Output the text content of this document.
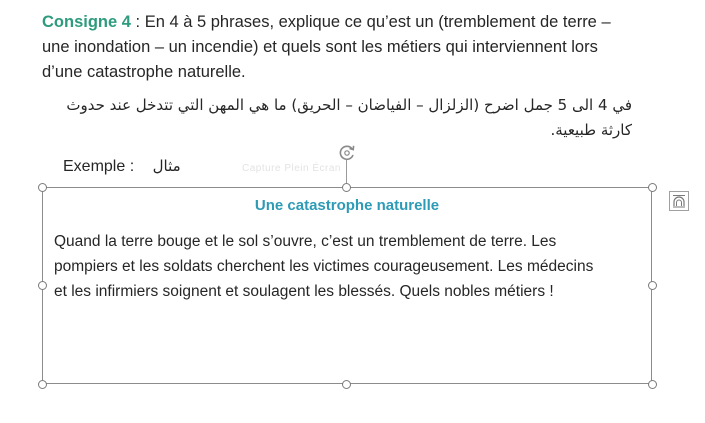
Consigne 4 : En 4 à 5 phrases, explique ce qu’est un (tremblement de terre –
une inondation – un incendie) et quels sont les métiers qui interviennent lors
d’une catastrophe naturelle.
في 4 الى 5 جمل اضرح (الزلزال – الفياضان – الحريق) ما هي المهن التي تتدخل عند حدوث كارثة طبيعية.
Exemple : مثال	Capture Plein Écran
Une catastrophe naturelle
Quand la terre bouge et le sol s’ouvre, c’est un tremblement de terre. Les
pompiers et les soldats cherchent les victimes courageusement. Les médecins
et les infirmiers soignent et soulagent les blessés. Quels nobles métiers !
